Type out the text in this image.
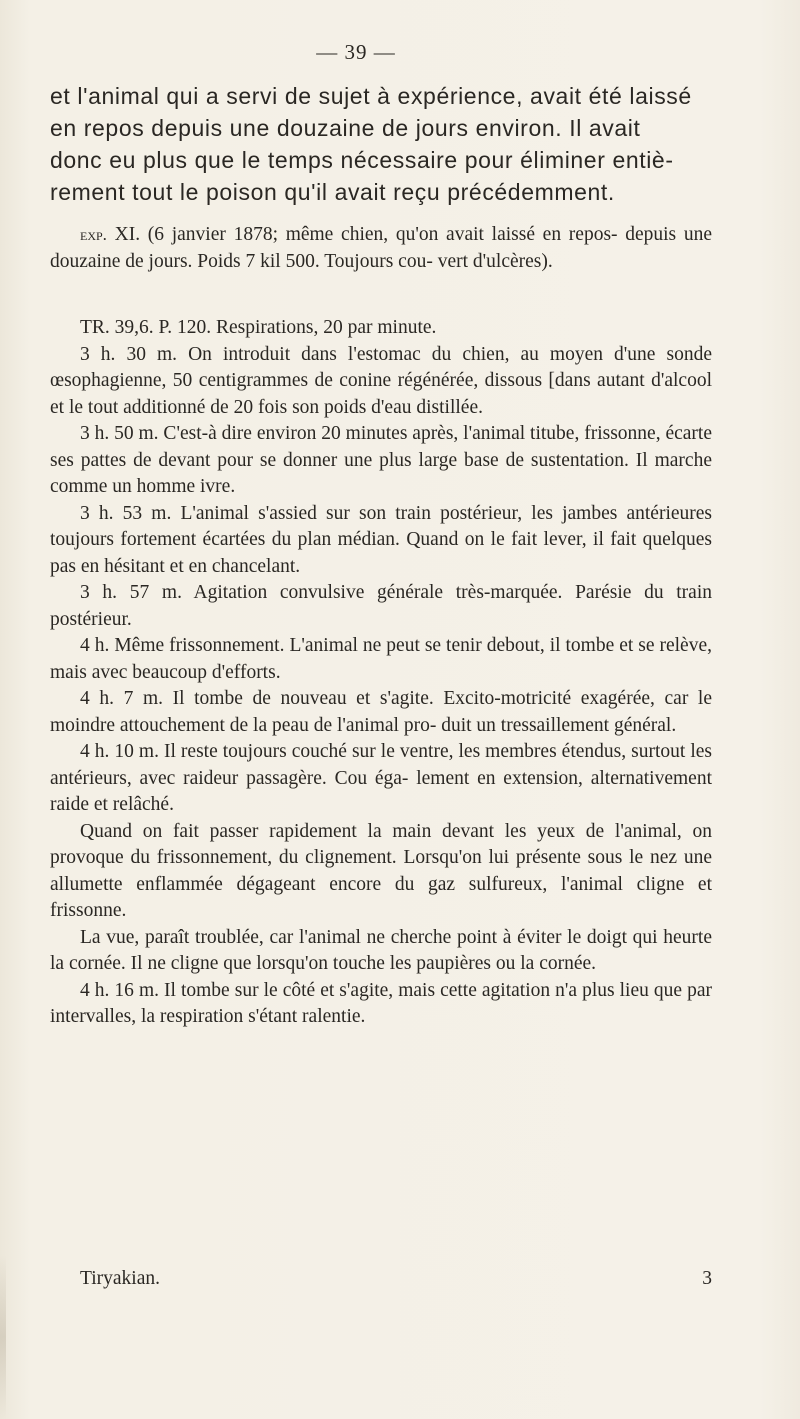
— 39 —

et l'animal qui a servi de sujet à expérience, avait été laissé

en repos depuis une douzaine de jours environ. Il avait

donc eu plus que le temps nécessaire pour éliminer entiè-

rement tout le poison qu'il avait reçu précédemment.

exp. XI. (6 janvier 1878; même chien, qu'on avait laissé en repos- depuis une douzaine de jours. Poids 7 kil 500. Toujours cou- vert d'ulcères).

TR. 39,6. P. 120. Respirations, 20 par minute.

3 h. 30 m. On introduit dans l'estomac du chien, au moyen d'une sonde œsophagienne, 50 centigrammes de conine régénérée, dissous [dans autant d'alcool et le tout additionné de 20 fois son poids d'eau distillée.

3 h. 50 m. C'est-à dire environ 20 minutes après, l'animal titube, frissonne, écarte ses pattes de devant pour se donner une plus large base de sustentation. Il marche comme un homme ivre.

3 h. 53 m. L'animal s'assied sur son train postérieur, les jambes antérieures toujours fortement écartées du plan médian. Quand on le fait lever, il fait quelques pas en hésitant et en chancelant.

3 h. 57 m. Agitation convulsive générale très-marquée. Parésie du train postérieur.

4 h. Même frissonnement. L'animal ne peut se tenir debout, il tombe et se relève, mais avec beaucoup d'efforts.

4 h. 7 m. Il tombe de nouveau et s'agite. Excito-motricité exagérée, car le moindre attouchement de la peau de l'animal pro- duit un tressaillement général.

4 h. 10 m. Il reste toujours couché sur le ventre, les membres étendus, surtout les antérieurs, avec raideur passagère. Cou éga- lement en extension, alternativement raide et relâché.

Quand on fait passer rapidement la main devant les yeux de l'animal, on provoque du frissonnement, du clignement. Lorsqu'on lui présente sous le nez une allumette enflammée dégageant encore du gaz sulfureux, l'animal cligne et frissonne.

La vue, paraît troublée, car l'animal ne cherche point à éviter le doigt qui heurte la cornée. Il ne cligne que lorsqu'on touche les paupières ou la cornée.

4 h. 16 m. Il tombe sur le côté et s'agite, mais cette agitation n'a plus lieu que par intervalles, la respiration s'étant ralentie.

Tiryakian.	3
